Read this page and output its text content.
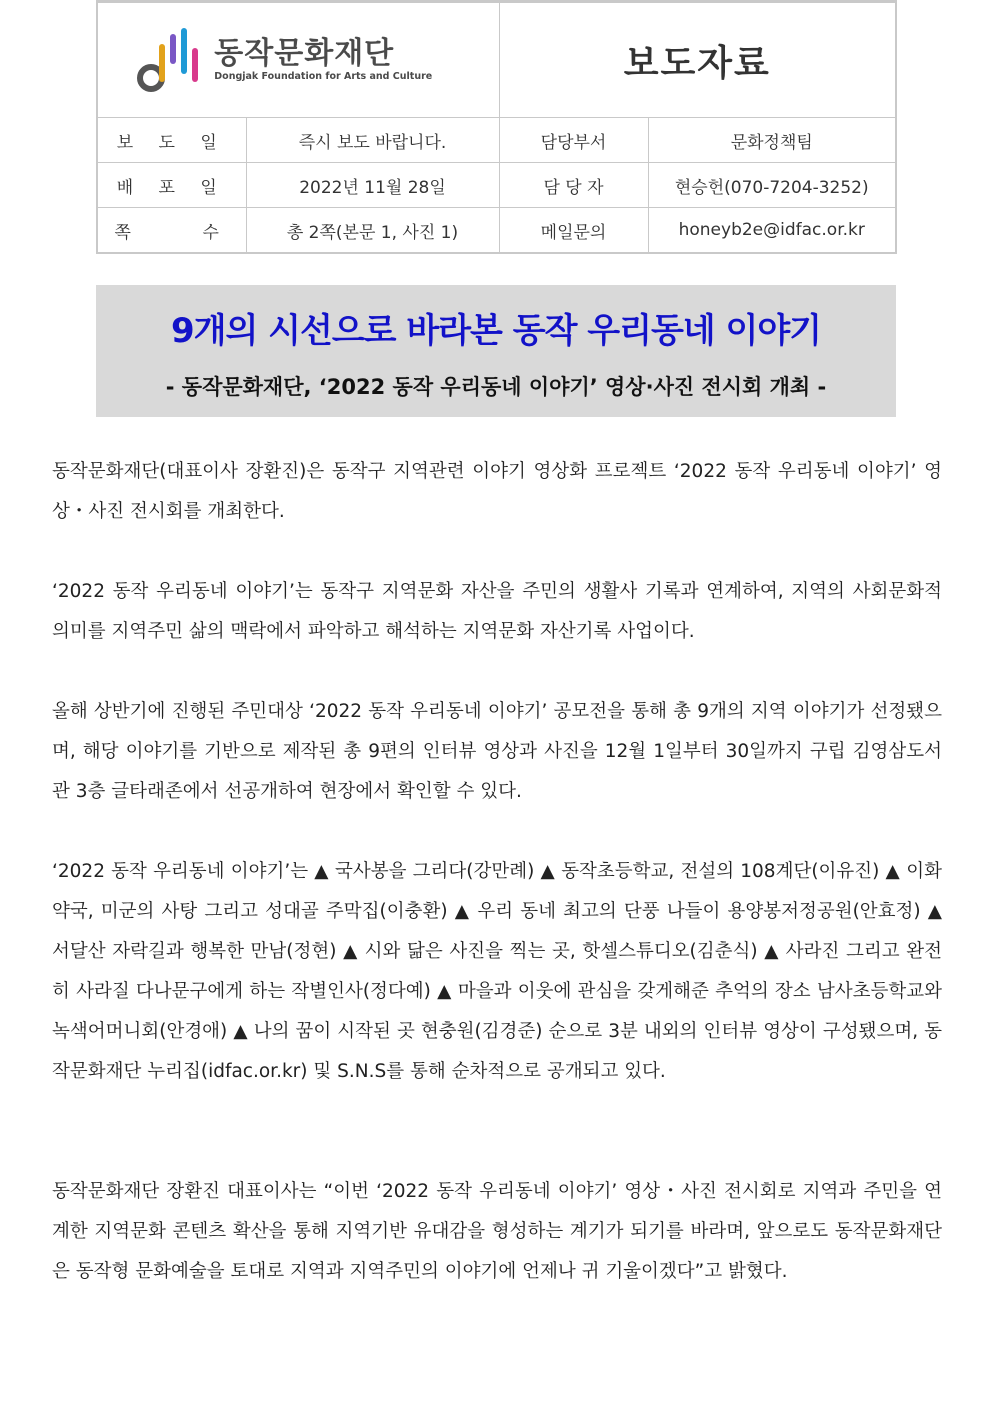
동작문화재단
Dongjak Foundation for Arts and Culture		보도자료	
보 도 일	즉시 보도 바랍니다.	담당부서	문화정책팀
배 포 일	2022년 11월 28일	담 당 자	현승헌(070-7204-3252)
쪽    수	총 2쪽(본문 1, 사진 1)	메일문의	honeyb2e@idfac.or.kr
9개의 시선으로 바라본 동작 우리동네 이야기
- 동작문화재단, ‘2022 동작 우리동네 이야기’ 영상·사진 전시회 개최 -

동작문화재단(대표이사 장환진)은 동작구 지역관련 이야기 영상화 프로젝트 ‘2022 동작 우리동네 이야기’ 영상・사진 전시회를 개최한다.

‘2022 동작 우리동네 이야기’는 동작구 지역문화 자산을 주민의 생활사 기록과 연계하여, 지역의 사회문화적 의미를 지역주민 삶의 맥락에서 파악하고 해석하는 지역문화 자산기록 사업이다.

올해 상반기에 진행된 주민대상 ‘2022 동작 우리동네 이야기’ 공모전을 통해 총 9개의 지역 이야기가 선정됐으며, 해당 이야기를 기반으로 제작된 총 9편의 인터뷰 영상과 사진을 12월 1일부터 30일까지 구립 김영삼도서관 3층 글타래존에서 선공개하여 현장에서 확인할 수 있다.

‘2022 동작 우리동네 이야기’는 ▲ 국사봉을 그리다(강만례) ▲ 동작초등학교, 전설의 108계단(이유진) ▲ 이화약국, 미군의 사탕 그리고 성대골 주막집(이충환) ▲ 우리 동네 최고의 단풍 나들이 용양봉저정공원(안효정) ▲ 서달산 자락길과 행복한 만남(정현) ▲ 시와 닮은 사진을 찍는 곳, 핫셀스튜디오(김춘식) ▲ 사라진 그리고 완전히 사라질 다나문구에게 하는 작별인사(정다예) ▲ 마을과 이웃에 관심을 갖게해준 추억의 장소 남사초등학교와 녹색어머니회(안경애) ▲ 나의 꿈이 시작된 곳 현충원(김경준) 순으로 3분 내외의 인터뷰 영상이 구성됐으며, 동작문화재단 누리집(idfac.or.kr) 및 S.N.S를 통해 순차적으로 공개되고 있다.

동작문화재단 장환진 대표이사는 “이번 ‘2022 동작 우리동네 이야기’ 영상・사진 전시회로 지역과 주민을 연계한 지역문화 콘텐츠 확산을 통해 지역기반 유대감을 형성하는 계기가 되기를 바라며, 앞으로도 동작문화재단은 동작형 문화예술을 토대로 지역과 지역주민의 이야기에 언제나 귀 기울이겠다”고 밝혔다.
